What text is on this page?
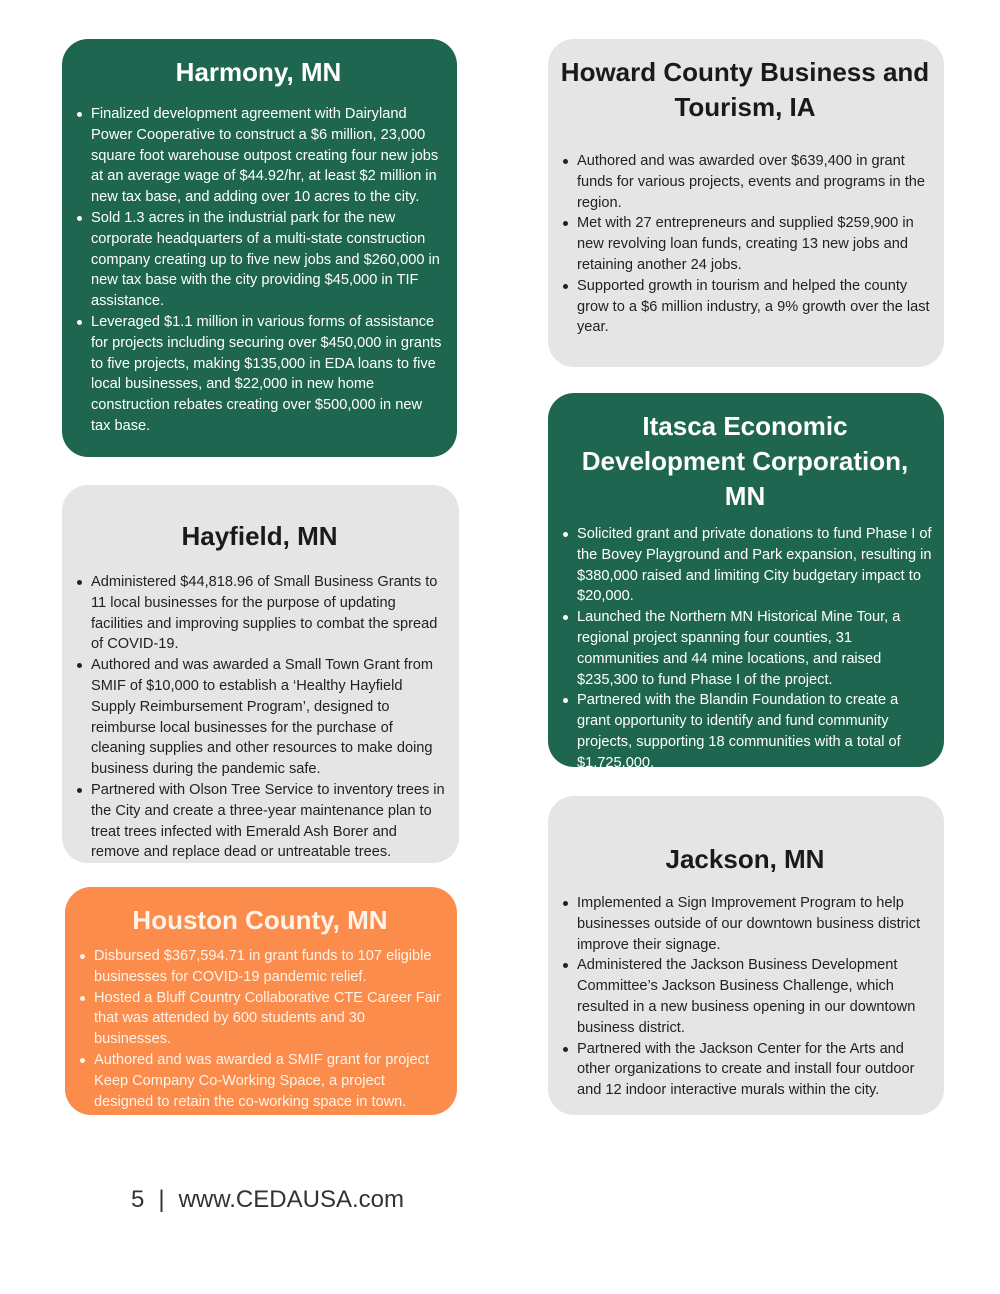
Harmony, MN
Finalized development agreement with Dairyland Power Cooperative to construct a $6 million, 23,000 square foot warehouse outpost creating four new jobs at an average wage of $44.92/hr, at least $2 million in new tax base, and adding over 10 acres to the city.
Sold 1.3 acres in the industrial park for the new corporate headquarters of a multi-state construction company creating up to five new jobs and $260,000 in new tax base with the city providing $45,000 in TIF assistance.
Leveraged $1.1 million in various forms of assistance for projects including securing over $450,000 in grants to five projects, making $135,000 in EDA loans to five local businesses, and $22,000 in new home construction rebates creating over $500,000 in new tax base.
Howard County Business and Tourism, IA
Authored and was awarded over $639,400 in grant funds for various projects, events and programs in the region.
Met with 27 entrepreneurs and supplied $259,900 in new revolving loan funds, creating 13 new jobs and retaining another 24 jobs.
Supported growth in tourism and helped the county grow to a $6 million industry, a 9% growth over the last year.
Itasca Economic Development Corporation, MN
Solicited grant and private donations to fund Phase I of the Bovey Playground and Park expansion, resulting in $380,000 raised and limiting City budgetary impact to $20,000.
Launched the Northern MN Historical Mine Tour, a regional project spanning four counties, 31 communities and 44 mine locations, and raised $235,300 to fund Phase I of the project.
Partnered with the Blandin Foundation to create a grant opportunity to identify and fund community projects, supporting 18 communities with a total of $1,725,000.
Hayfield, MN
Administered $44,818.96 of Small Business Grants to 11 local businesses for the purpose of updating facilities and improving supplies to combat the spread of COVID-19.
Authored and was awarded a Small Town Grant from SMIF of $10,000 to establish a ‘Healthy Hayfield Supply Reimbursement Program’, designed to reimburse local businesses for the purchase of cleaning supplies and other resources to make doing business during the pandemic safe.
Partnered with Olson Tree Service to inventory trees in the City and create a three-year maintenance plan to treat trees infected with Emerald Ash Borer and remove and replace dead or untreatable trees.
Houston County, MN
Disbursed $367,594.71 in grant funds to 107 eligible businesses for COVID-19 pandemic relief.
Hosted a Bluff Country Collaborative CTE Career Fair that was attended by 600 students and 30 businesses.
Authored and was awarded a SMIF grant for project Keep Company Co-Working Space, a project designed to retain the co-working space in town.
Jackson, MN
Implemented a Sign Improvement Program to help businesses outside of our downtown business district improve their signage.
Administered the Jackson Business Development Committee’s Jackson Business Challenge, which resulted in a new business opening in our downtown business district.
Partnered with the Jackson Center for the Arts and other organizations to create and install four outdoor and 12 indoor interactive murals within the city.
5 | www.CEDAUSA.com
